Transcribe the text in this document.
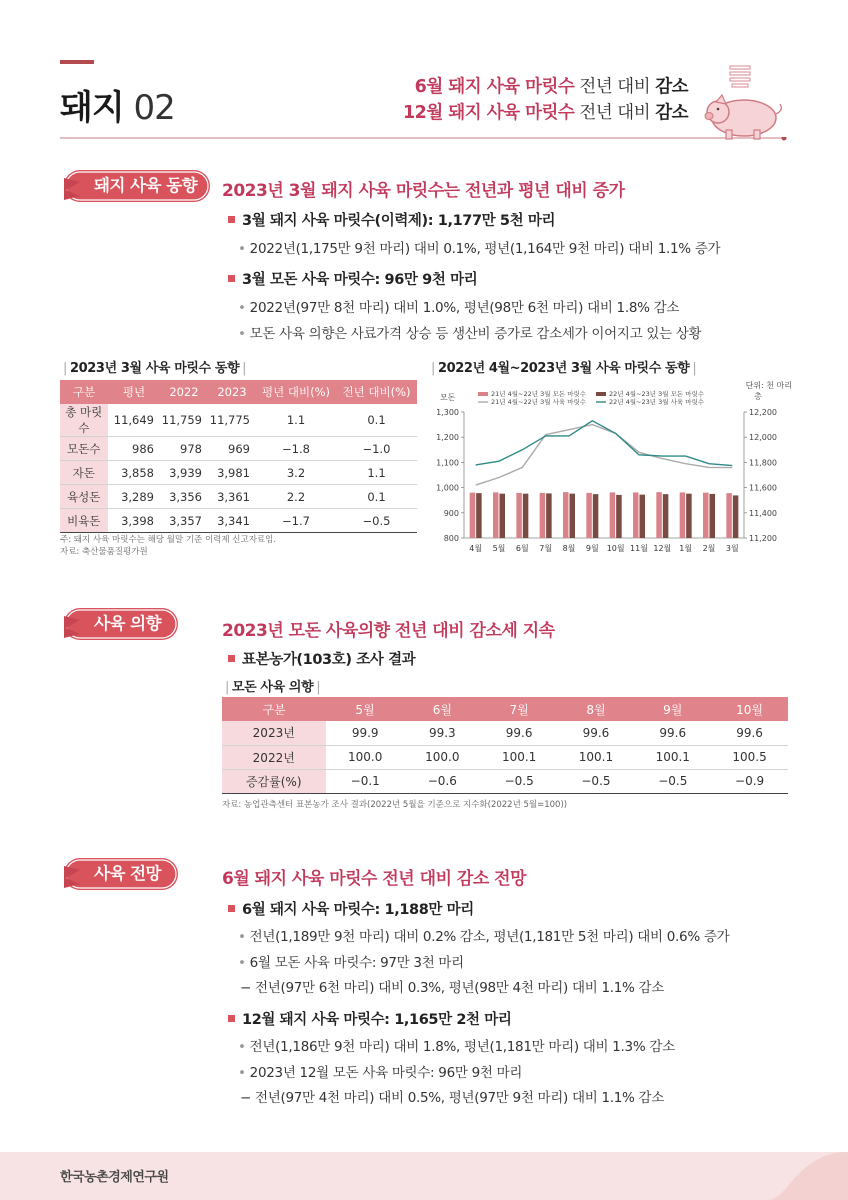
돼지 02
6월 돼지 사육 마릿수 전년 대비 감소
12월 돼지 사육 마릿수 전년 대비 감소
돼지 사육 동향 2023년 3월 돼지 사육 마릿수는 전년과 평년 대비 증가
3월 돼지 사육 마릿수(이력제): 1,177만 5천 마리
• 2022년(1,175만 9천 마리) 대비 0.1%, 평년(1,164만 9천 마리) 대비 1.1% 증가
3월 모돈 사육 마릿수: 96만 9천 마리
• 2022년(97만 8천 마리) 대비 1.0%, 평년(98만 6천 마리) 대비 1.8% 감소
• 모돈 사육 의향은 사료가격 상승 등 생산비 증가로 감소세가 이어지고 있는 상황
| 2023년 3월 사육 마릿수 동향 |
구분	평년	2022	2023	평년 대비(%)	전년 대비(%)
총 마릿수	11,649	11,759	11,775	1.1	0.1
모돈수	986	978	969	−1.8	−1.0
자돈	3,858	3,939	3,981	3.2	1.1
육성돈	3,289	3,356	3,361	2.2	0.1
비육돈	3,398	3,357	3,341	−1.7	−0.5
주: 돼지 사육 마릿수는 해당 월말 기준 이력제 신고자료임.
자료: 축산물품질평가원
| 2022년 4월~2023년 3월 사육 마릿수 동향 |
단위: 천 마리
모돈	총
1,300
1,200
1,100
1,000
900
800
12,200
12,000
11,800
11,600
11,400
11,200
4월 5월 6월 7월 8월 9월 10월 11월 12월 1월 2월 3월
21년 4월~22년 3월 모돈 마릿수
21년 4월~22년 3월 사육 마릿수
22년 4월~23년 3월 모돈 마릿수
22년 4월~23년 3월 사육 마릿수
사육 의향	2023년 모돈 사육의향 전년 대비 감소세 지속
표본농가(103호) 조사 결과
| 모돈 사육 의향 |
구분	5월	6월	7월	8월	9월	10월
2023년	99.9	99.3	99.6	99.6	99.6	99.6
2022년	100.0	100.0	100.1	100.1	100.1	100.5
증감률(%)	−0.1	−0.6	−0.5	−0.5	−0.5	−0.9
자료: 농업관측센터 표본농가 조사 결과(2022년 5월을 기준으로 지수화(2022년 5월=100))
사육 전망	6월 돼지 사육 마릿수 전년 대비 감소 전망
6월 돼지 사육 마릿수: 1,188만 마리
• 전년(1,189만 9천 마리) 대비 0.2% 감소, 평년(1,181만 5천 마리) 대비 0.6% 증가
• 6월 모돈 사육 마릿수: 97만 3천 마리
− 전년(97만 6천 마리) 대비 0.3%, 평년(98만 4천 마리) 대비 1.1% 감소
12월 돼지 사육 마릿수: 1,165만 2천 마리
• 전년(1,186만 9천 마리) 대비 1.8%, 평년(1,181만 마리) 대비 1.3% 감소
• 2023년 12월 모돈 사육 마릿수: 96만 9천 마리
− 전년(97만 4천 마리) 대비 0.5%, 평년(97만 9천 마리) 대비 1.1% 감소
한국농촌경제연구원
